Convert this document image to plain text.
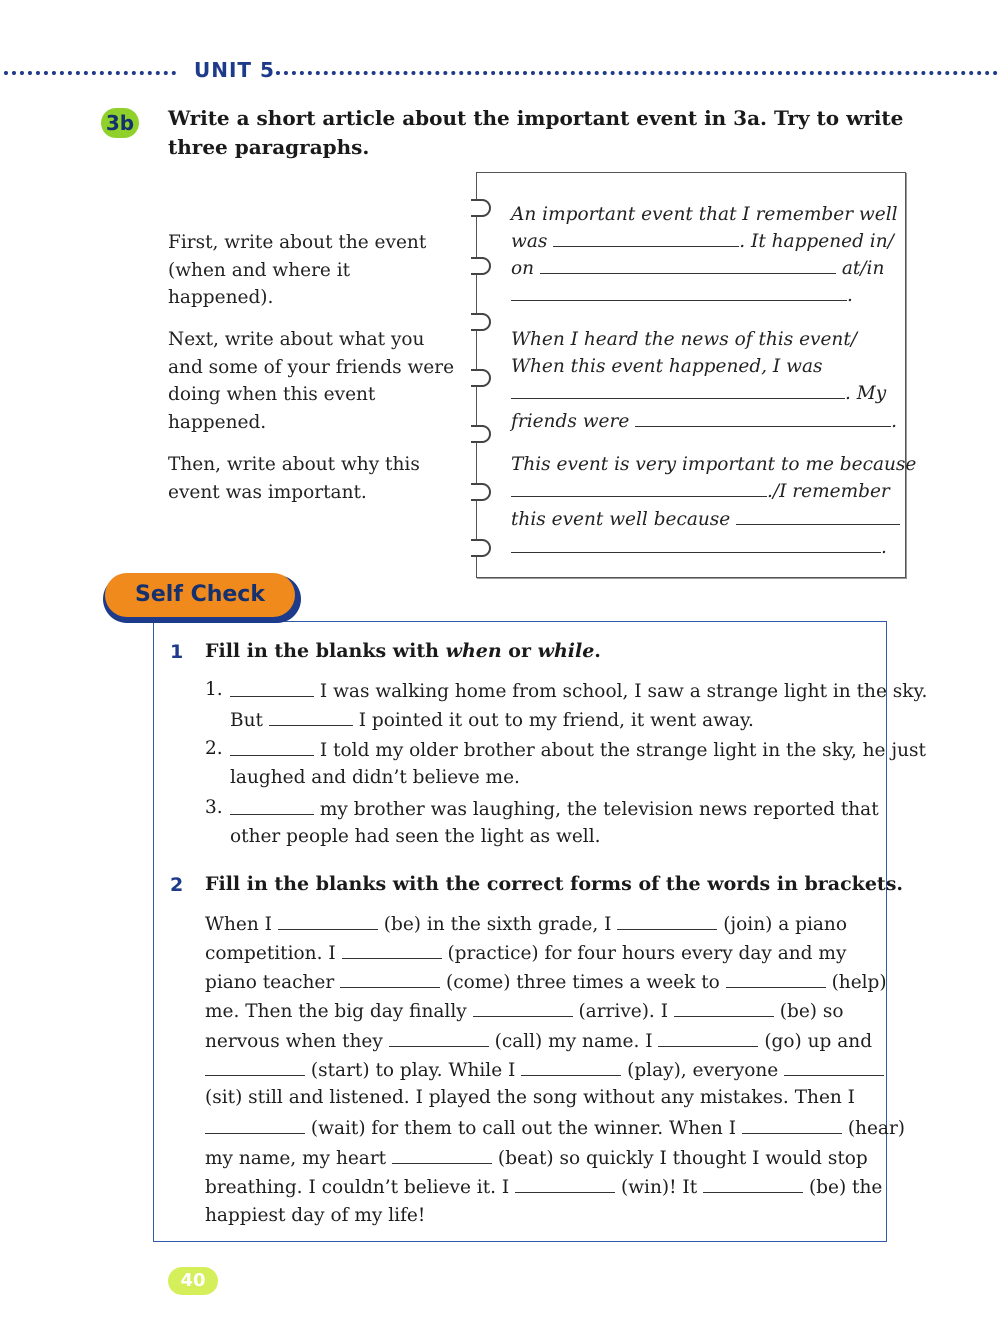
UNIT 5
3b Write a short article about the important event in 3a. Try to write three paragraphs.
First, write about the event (when and where it happened).
Next, write about what you and some of your friends were doing when this event happened.
Then, write about why this event was important.
An important event that I remember well
was	. It happened in/
on	at/in
.
When I heard the news of this event/
When this event happened, I was
. My
friends were	.
This event is very important to me because
./I remember
this event well because
.
Self Check
1 Fill in the blanks with when or while.
1.	I was walking home from school, I saw a strange light in the sky.
But	I pointed it out to my friend, it went away.
2.	I told my older brother about the strange light in the sky, he just
laughed and didn’t believe me.
3.	my brother was laughing, the television news reported that
other people had seen the light as well.
2 Fill in the blanks with the correct forms of the words in brackets.
When I	(be) in the sixth grade, I	(join) a piano
competition. I	(practice) for four hours every day and my
piano teacher	(come) three times a week to	(help)
me. Then the big day finally	(arrive). I	(be) so
nervous when they	(call) my name. I	(go) up and
(start) to play. While I	(play), everyone
(sit) still and listened. I played the song without any mistakes. Then I
(wait) for them to call out the winner. When I	(hear)
my name, my heart	(beat) so quickly I thought I would stop
breathing. I couldn’t believe it. I	(win)! It	(be) the
happiest day of my life!
40
